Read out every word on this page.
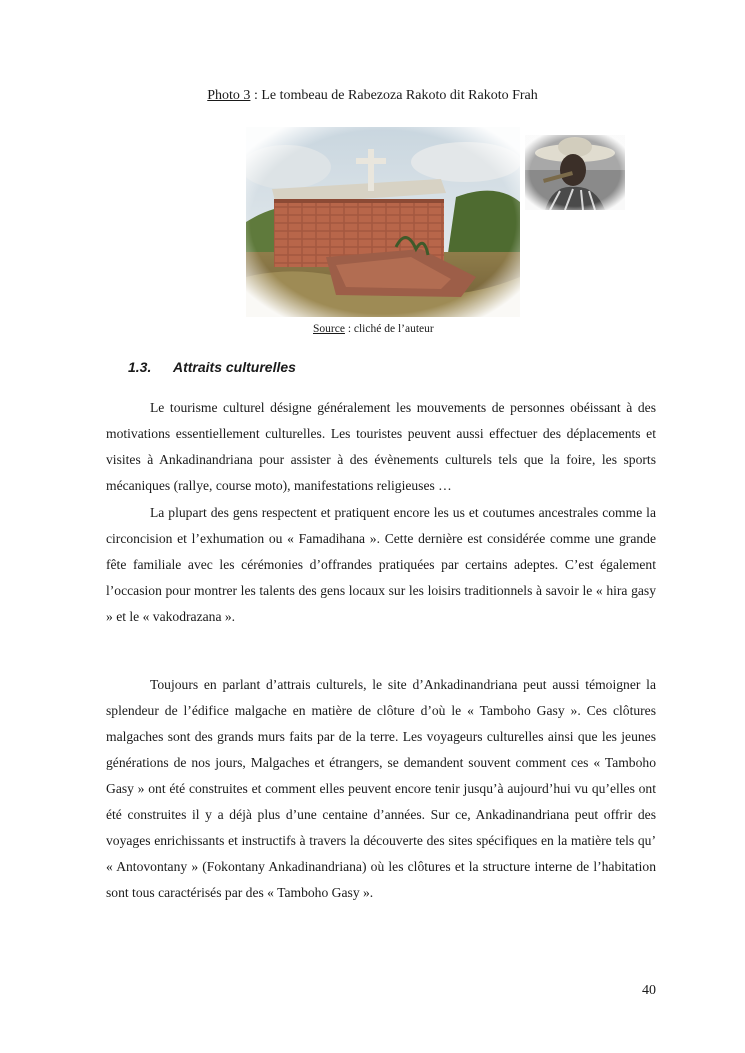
Photo 3 : Le tombeau de Rabezoza Rakoto dit Rakoto Frah
Source : cliché de l’auteur
1.3. Attraits culturelles

Le tourisme culturel désigne généralement les mouvements de personnes obéissant à des motivations essentiellement culturelles. Les touristes peuvent aussi effectuer des déplacements et visites à Ankadinandriana pour assister à des évènements culturels tels que la foire, les sports mécaniques (rallye, course moto), manifestations religieuses …

La plupart des gens respectent et pratiquent encore les us et coutumes ancestrales comme la circoncision et l’exhumation ou « Famadihana ». Cette dernière est considérée comme une grande fête familiale avec les cérémonies d’offrandes pratiquées par certains adeptes. C’est également l’occasion pour montrer les talents des gens locaux sur les loisirs traditionnels à savoir le « hira gasy » et le « vakodrazana ».

Toujours en parlant d’attrais culturels, le site d’Ankadinandriana peut aussi témoigner la splendeur de l’édifice malgache en matière de clôture d’où le « Tamboho Gasy ». Ces clôtures malgaches sont des grands murs faits par de la terre. Les voyageurs culturelles ainsi que les jeunes générations de nos jours, Malgaches et étrangers, se demandent souvent comment ces « Tamboho Gasy » ont été construites et comment elles peuvent encore tenir jusqu’à aujourd’hui vu qu’elles ont été construites il y a déjà plus d’une centaine d’années. Sur ce, Ankadinandriana peut offrir des voyages enrichissants et instructifs à travers la découverte des sites spécifiques en la matière tels qu’ « Antovontany » (Fokontany Ankadinandriana) où les clôtures et la structure interne de l’habitation sont tous caractérisés par des « Tamboho Gasy ».

40
